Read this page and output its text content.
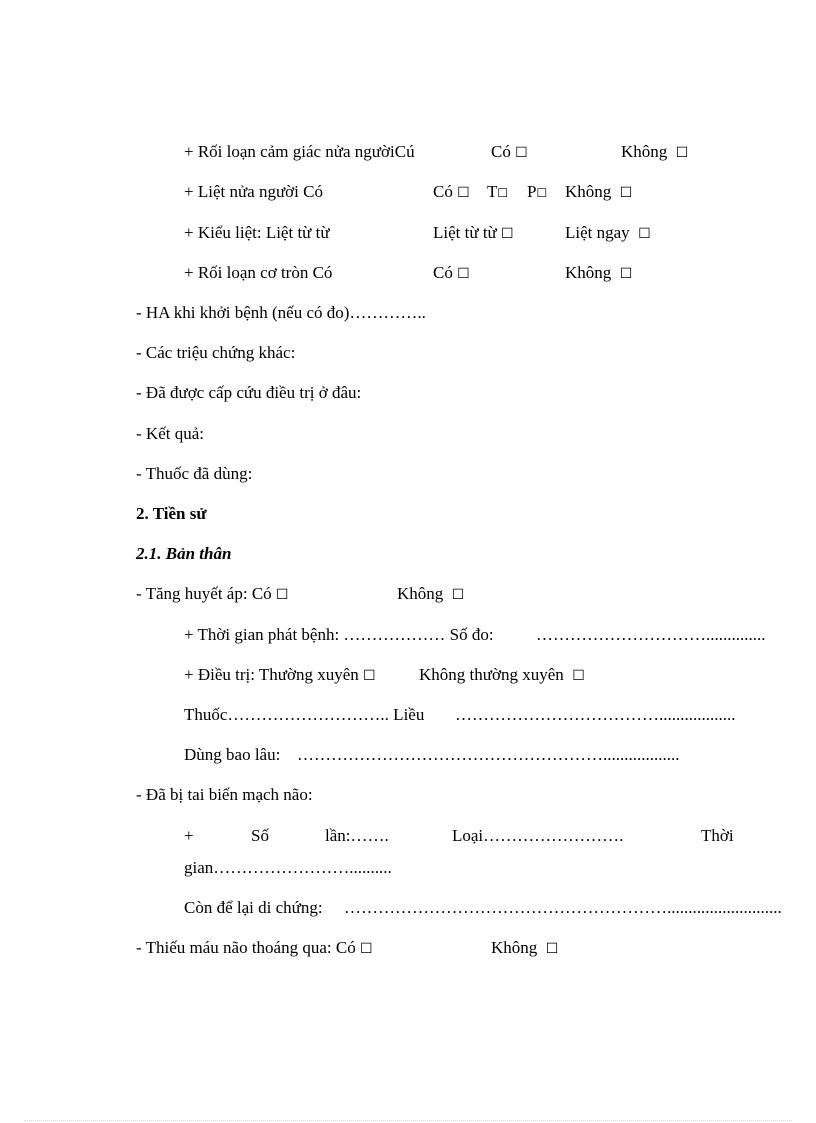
+ Rối loạn cảm giác nửa ngườiCú	Có ☐	Không ☐
+ Liệt nửa người Có	Có ☐ T☐ P☐ Không ☐
+ Kiểu liệt: Liệt từ từ	Liệt từ từ ☐	Liệt ngay ☐
+ Rối loạn cơ tròn Có	Có ☐	Không ☐
- HA khi khởi bệnh (nếu có đo)…………..
- Các triệu chứng khác:
- Đã được cấp cứu điều trị ở đâu:
- Kết quả:
- Thuốc đã dùng:
2. Tiền sử
2.1. Bản thân
- Tăng huyết áp: Có ☐	Không ☐
+ Thời gian phát bệnh: ……………… Số đo: …………………………..............
+ Điều trị: Thường xuyên ☐	Không thường xuyên ☐
Thuốc……………………….. Liều ………………………………..................
Dùng bao lâu: ………………………………………………..................
- Đã bị tai biến mạch não:
+	Số	lần:…….	Loại…………………….	Thời
gian……………………..........
Còn để lại di chứng: …………………………………………………...........................
- Thiếu máu não thoáng qua: Có ☐	Không ☐
